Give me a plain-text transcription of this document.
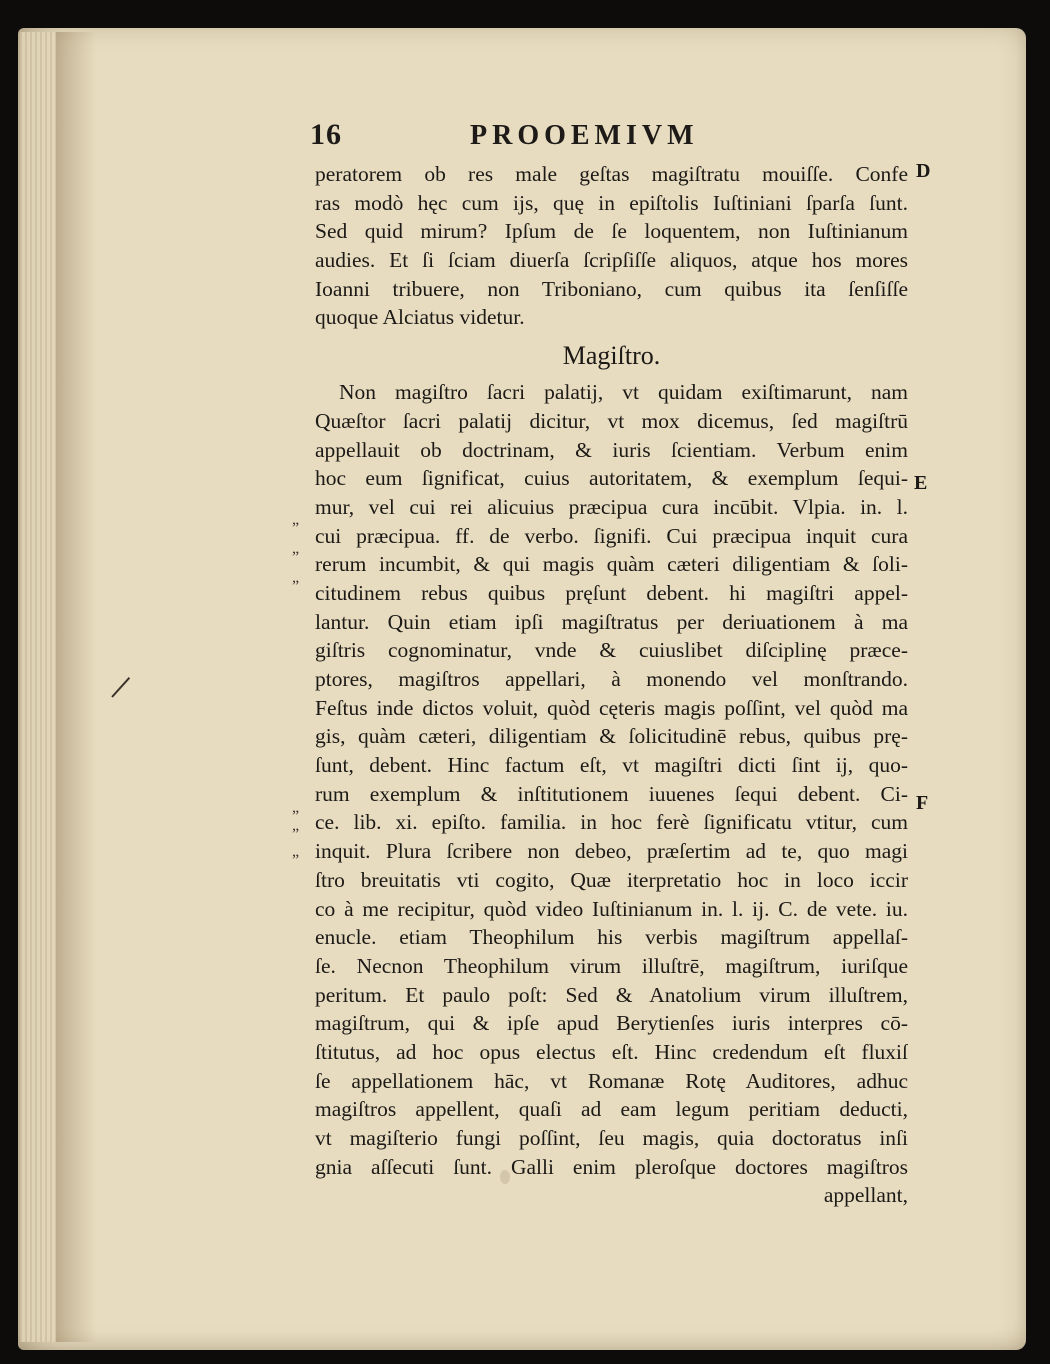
16	PROOEMIVM
peratorem ob res male geſtas magiſtratu mouiſſe. Confe
ras modò hęc cum ijs, quę in epiſtolis Iuſtiniani ſparſa ſunt.
Sed quid mirum? Ipſum de ſe loquentem, non Iuſtinianum
audies. Et ſi ſciam diuerſa ſcripſiſſe aliquos, atque hos mores
Ioanni tribuere, non Triboniano, cum quibus ita ſenſiſſe
quoque Alciatus videtur.
Magiſtro.
Non magiſtro ſacri palatij, vt quidam exiſtimarunt, nam
Quæſtor ſacri palatij dicitur, vt mox dicemus, ſed magiſtrū
appellauit ob doctrinam, & iuris ſcientiam. Verbum enim
hoc eum ſignificat, cuius autoritatem, & exemplum ſequi-
mur, vel cui rei alicuius præcipua cura incūbit. Vlpia. in. l.
cui præcipua. ff. de verbo. ſignifi. Cui præcipua inquit cura
rerum incumbit, & qui magis quàm cæteri diligentiam & ſoli-
citudinem rebus quibus pręſunt debent. hi magiſtri appel-
lantur. Quin etiam ipſi magiſtratus per deriuationem à ma
giſtris cognominatur, vnde & cuiuslibet diſciplinę præce-
ptores, magiſtros appellari, à monendo vel monſtrando.
Feſtus inde dictos voluit, quòd cęteris magis poſſint, vel quòd ma
gis, quàm cæteri, diligentiam & ſolicitudinē rebus, quibus prę-
ſunt, debent. Hinc factum eſt, vt magiſtri dicti ſint ij, quo-
rum exemplum & inſtitutionem iuuenes ſequi debent. Ci-
ce. lib. xi. epiſto. familia. in hoc ferè ſignificatu vtitur, cum
inquit. Plura ſcribere non debeo, præſertim ad te, quo magi
ſtro breuitatis vti cogito, Quæ iterpretatio hoc in loco iccir
co à me recipitur, quòd video Iuſtinianum in. l. ij. C. de vete. iu.
enucle. etiam Theophilum his verbis magiſtrum appellaſ-
ſe. Necnon Theophilum virum illuſtrē, magiſtrum, iuriſque
peritum. Et paulo poſt: Sed & Anatolium virum illuſtrem,
magiſtrum, qui & ipſe apud Berytienſes iuris interpres cō-
ſtitutus, ad hoc opus electus eſt. Hinc credendum eſt fluxiſ
ſe appellationem hāc, vt Romanæ Rotę Auditores, adhuc
magiſtros appellent, quaſi ad eam legum peritiam deducti,
vt magiſterio fungi poſſint, ſeu magis, quia doctoratus inſi
gnia aſſecuti ſunt. Galli enim pleroſque doctores magiſtros
appellant,
D
E
F
”
”
”
”
”
”
